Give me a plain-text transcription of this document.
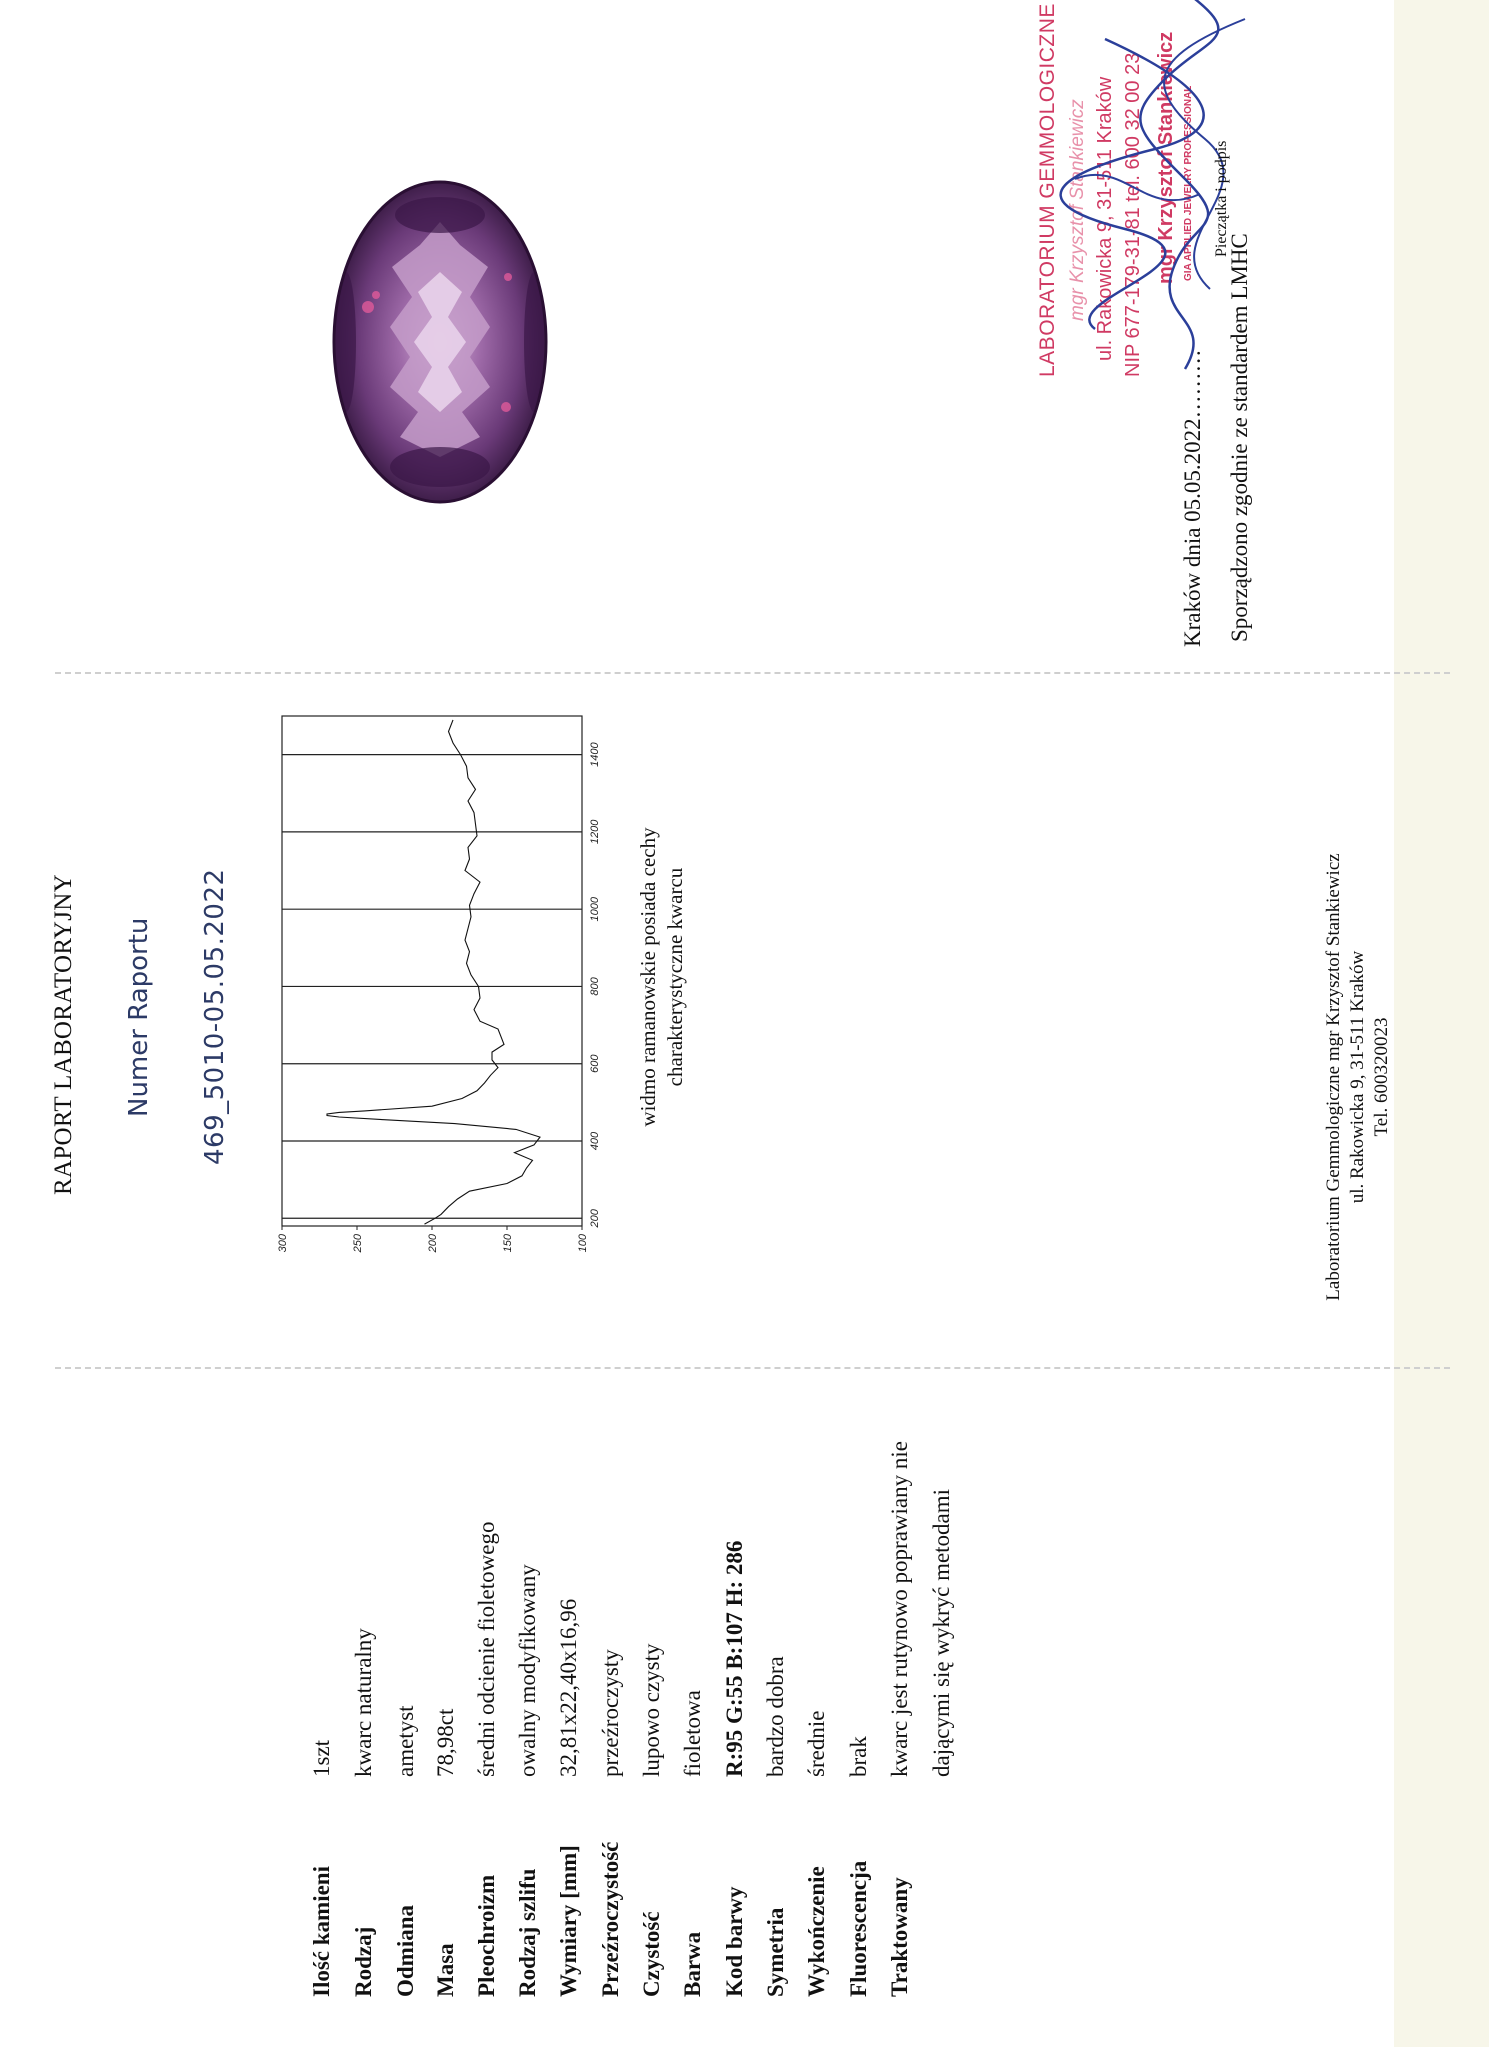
Ilość kamieni
1szt
Rodzaj
kwarc naturalny
Odmiana
ametyst
Masa
78,98ct
Pleochroizm
średni odcienie fioletowego
Rodzaj szlifu
owalny modyfikowany
Wymiary [mm]
32,81x22,40x16,96
Przeźroczystość
przeźroczysty
Czystość
lupowo czysty
Barwa
fioletowa
Kod barwy
R:95 G:55 B:107 H: 286
Symetria
bardzo dobra
Wykończenie
średnie
Fluorescencja
brak
Traktowany
kwarc jest rutynowo poprawiany nie dającymi się wykryć metodami
RAPORT LABORATORYJNY Numer Raportu 469_5010-05.05.2022
200
400
600
800
1000
1200
1400
100
150
200
250
300
widmo ramanowskie posiada cechy charakterystyczne kwarcu	Laboratorium Gemmologiczne mgr Krzysztof Stankiewicz ul. Rakowicka 9, 31-511 Kraków Tel. 600320023
LABORATORIUM GEMMOLOGICZNE mgr Krzysztof Stankiewicz ul. Rakowicka 9, 31-511 Kraków NIP 677-179-31-81 tel. 600 32 00 23 mgr Krzysztof Stankiewicz GIA APPLIED JEWELRY PROFESSIONAL Pieczątka i podpis
Kraków dnia 05.05.2022……… Sporządzono zgodnie ze standardem LMHC
